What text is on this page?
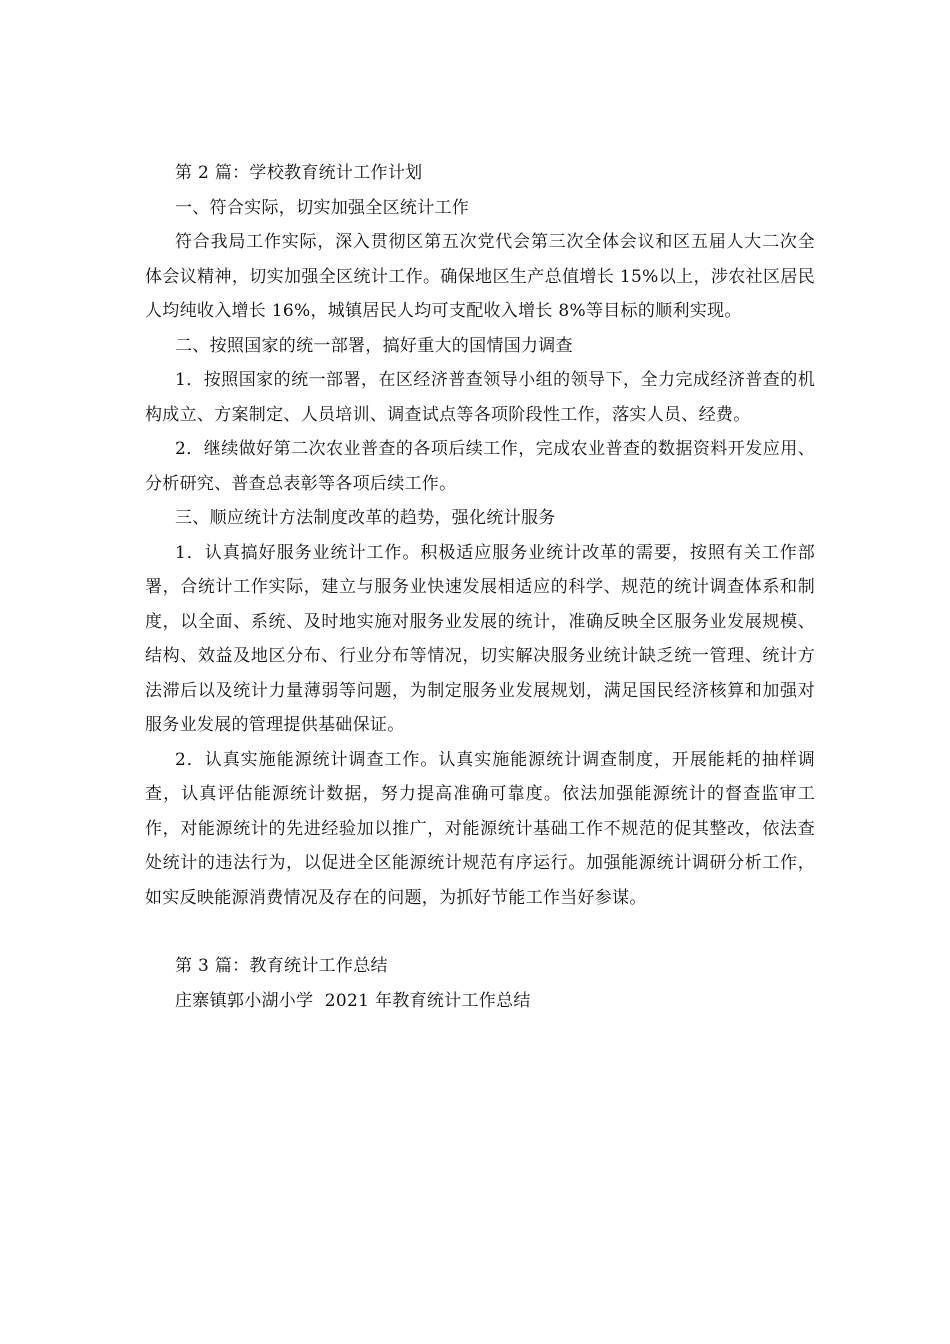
第 2 篇：学校教育统计工作计划

一、符合实际，切实加强全区统计工作

符合我局工作实际，深入贯彻区第五次党代会第三次全体会议和区五届人大二次全体会议精神，切实加强全区统计工作。确保地区生产总值增长 15%以上，涉农社区居民人均纯收入增长 16%，城镇居民人均可支配收入增长 8%等目标的顺利实现。

二、按照国家的统一部署，搞好重大的国情国力调查

1．按照国家的统一部署，在区经济普查领导小组的领导下，全力完成经济普查的机构成立、方案制定、人员培训、调查试点等各项阶段性工作，落实人员、经费。

2．继续做好第二次农业普查的各项后续工作，完成农业普查的数据资料开发应用、分析研究、普查总表彰等各项后续工作。

三、顺应统计方法制度改革的趋势，强化统计服务

1．认真搞好服务业统计工作。积极适应服务业统计改革的需要，按照有关工作部署，合统计工作实际，建立与服务业快速发展相适应的科学、规范的统计调查体系和制度，以全面、系统、及时地实施对服务业发展的统计，准确反映全区服务业发展规模、结构、效益及地区分布、行业分布等情况，切实解决服务业统计缺乏统一管理、统计方法滞后以及统计力量薄弱等问题，为制定服务业发展规划，满足国民经济核算和加强对服务业发展的管理提供基础保证。

2．认真实施能源统计调查工作。认真实施能源统计调查制度，开展能耗的抽样调查，认真评估能源统计数据，努力提高准确可靠度。依法加强能源统计的督查监审工作，对能源统计的先进经验加以推广，对能源统计基础工作不规范的促其整改，依法查处统计的违法行为，以促进全区能源统计规范有序运行。加强能源统计调研分析工作，如实反映能源消费情况及存在的问题，为抓好节能工作当好参谋。

第 3 篇：教育统计工作总结

庄寨镇郭小湖小学  2021 年教育统计工作总结
